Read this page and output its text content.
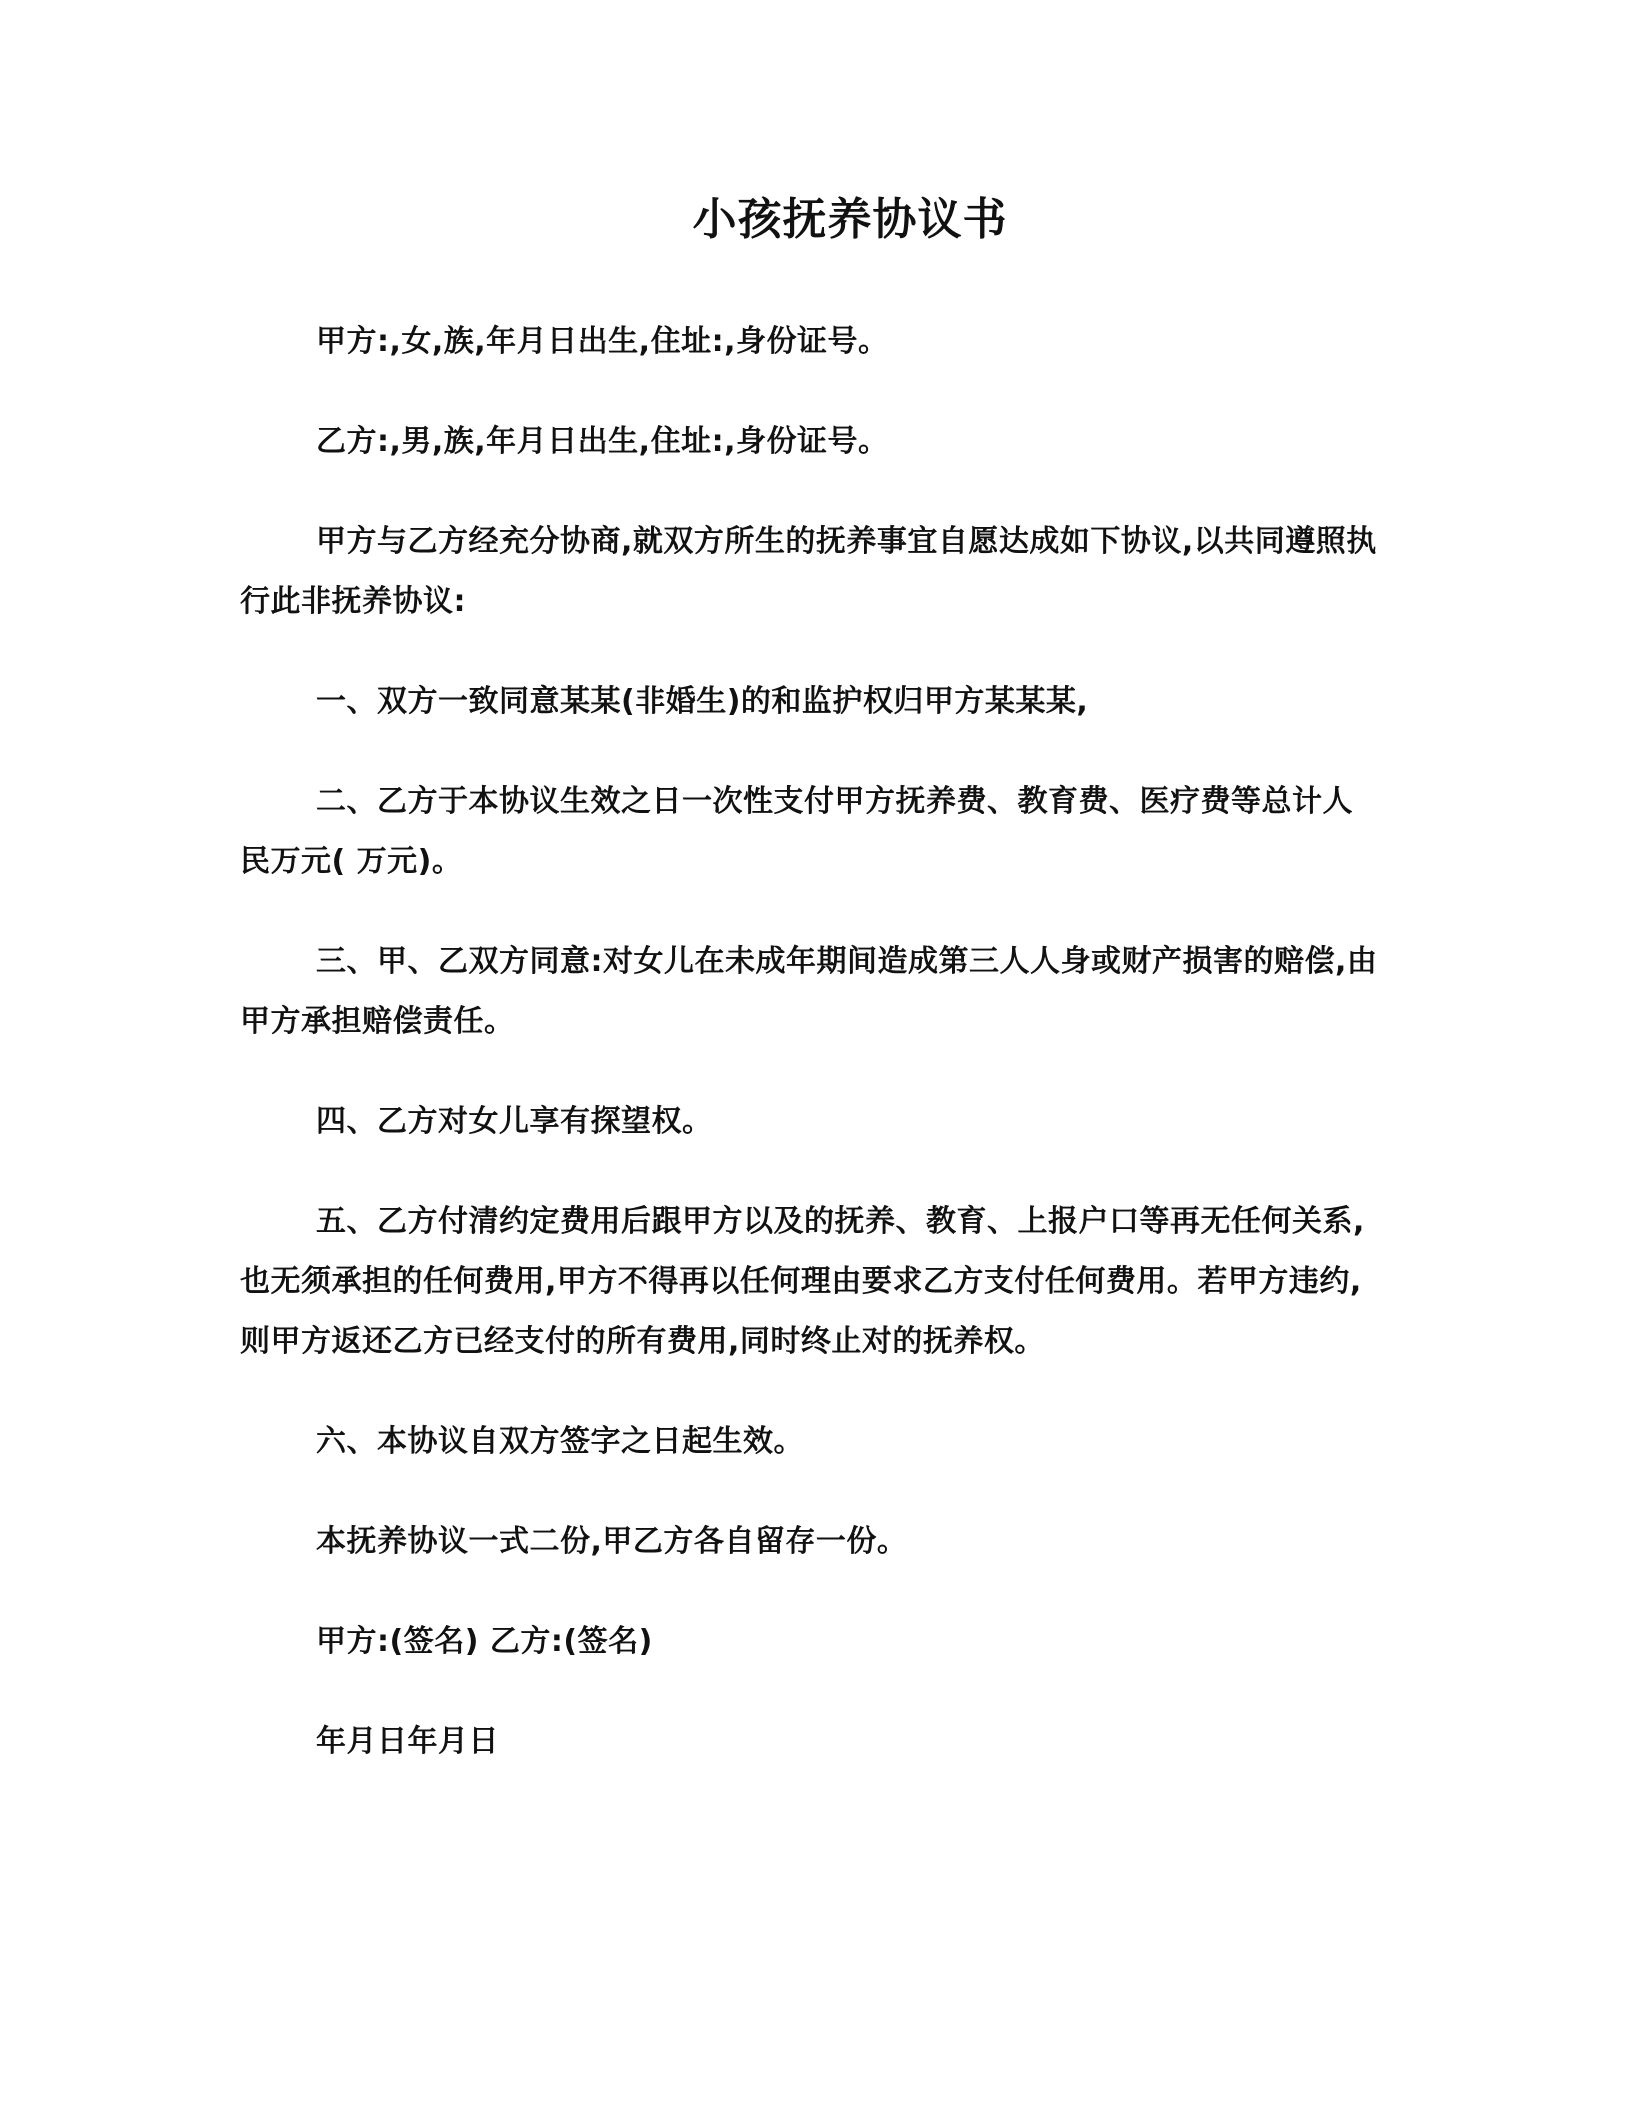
小孩抚养协议书

甲方:,女,族,年月日出生,住址:,身份证号。

乙方:,男,族,年月日出生,住址:,身份证号。

甲方与乙方经充分协商,就双方所生的抚养事宜自愿达成如下协议,以共同遵照执行此非抚养协议:

一、双方一致同意某某(非婚生)的和监护权归甲方某某某,

二、乙方于本协议生效之日一次性支付甲方抚养费、教育费、医疗费等总计人民万元( 万元)。

三、甲、乙双方同意:对女儿在未成年期间造成第三人人身或财产损害的赔偿,由甲方承担赔偿责任。

四、乙方对女儿享有探望权。

五、乙方付清约定费用后跟甲方以及的抚养、教育、上报户口等再无任何关系,也无须承担的任何费用,甲方不得再以任何理由要求乙方支付任何费用。若甲方违约,则甲方返还乙方已经支付的所有费用,同时终止对的抚养权。

六、本协议自双方签字之日起生效。

本抚养协议一式二份,甲乙方各自留存一份。

甲方:(签名) 乙方:(签名)

年月日年月日
